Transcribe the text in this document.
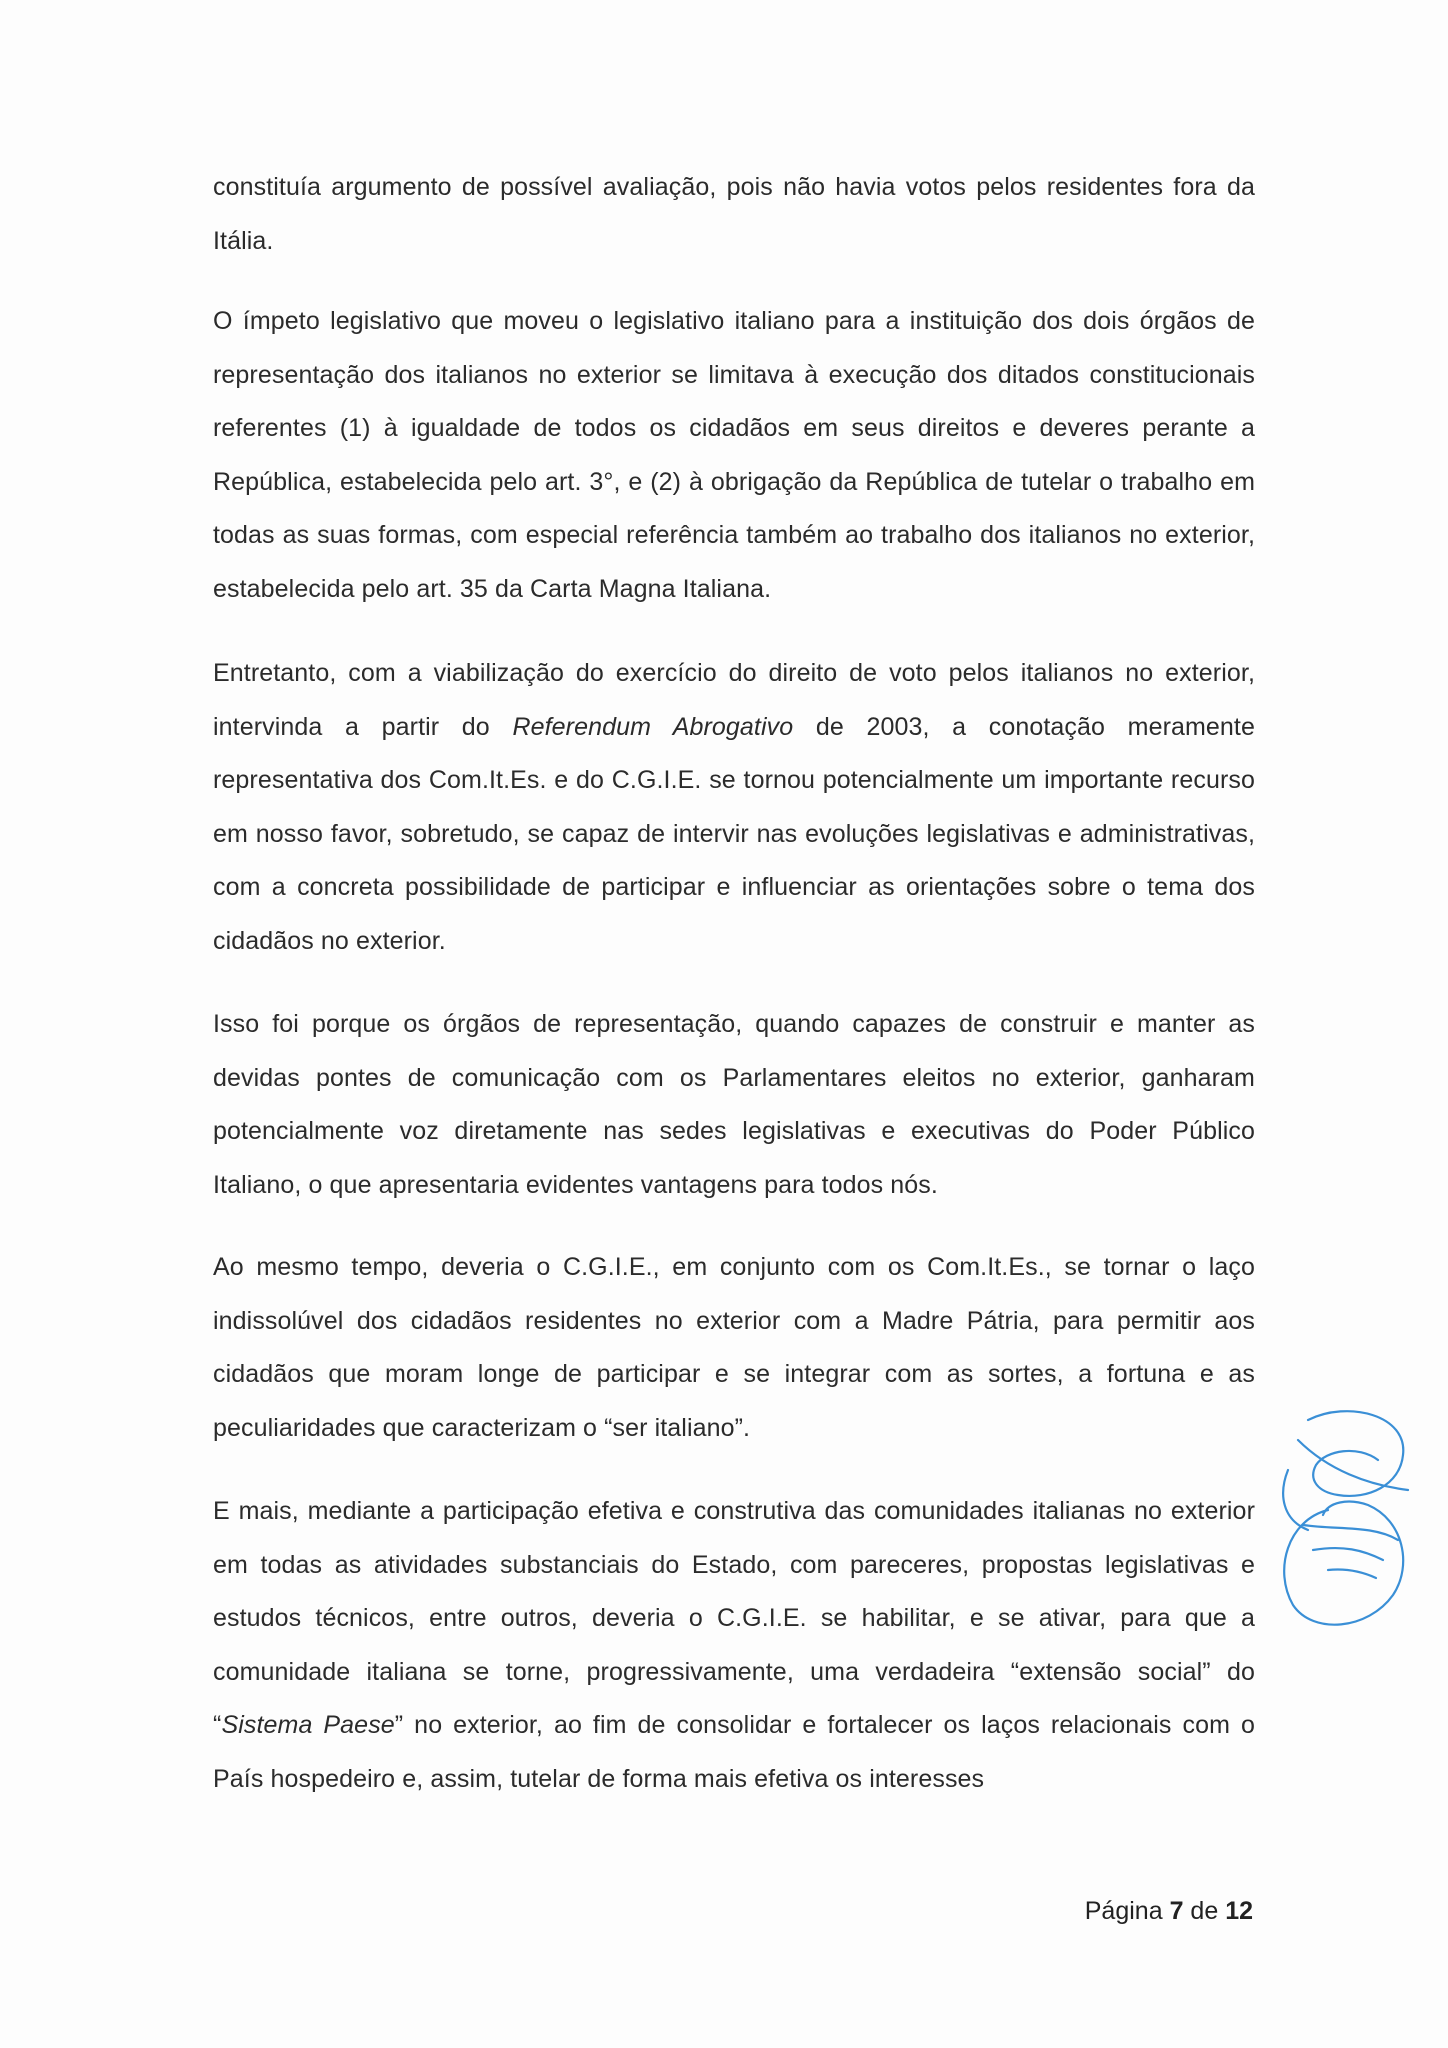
constituía argumento de possível avaliação, pois não havia votos pelos residentes fora da Itália.

O ímpeto legislativo que moveu o legislativo italiano para a instituição dos dois órgãos de representação dos italianos no exterior se limitava à execução dos ditados constitucionais referentes (1) à igualdade de todos os cidadãos em seus direitos e deveres perante a República, estabelecida pelo art. 3°, e (2) à obrigação da República de tutelar o trabalho em todas as suas formas, com especial referência também ao trabalho dos italianos no exterior, estabelecida pelo art. 35 da Carta Magna Italiana.

Entretanto, com a viabilização do exercício do direito de voto pelos italianos no exterior, intervinda a partir do Referendum Abrogativo de 2003, a conotação meramente representativa dos Com.It.Es. e do C.G.I.E. se tornou potencialmente um importante recurso em nosso favor, sobretudo, se capaz de intervir nas evoluções legislativas e administrativas, com a concreta possibilidade de participar e influenciar as orientações sobre o tema dos cidadãos no exterior.

Isso foi porque os órgãos de representação, quando capazes de construir e manter as devidas pontes de comunicação com os Parlamentares eleitos no exterior, ganharam potencialmente voz diretamente nas sedes legislativas e executivas do Poder Público Italiano, o que apresentaria evidentes vantagens para todos nós.

Ao mesmo tempo, deveria o C.G.I.E., em conjunto com os Com.It.Es., se tornar o laço indissolúvel dos cidadãos residentes no exterior com a Madre Pátria, para permitir aos cidadãos que moram longe de participar e se integrar com as sortes, a fortuna e as peculiaridades que caracterizam o “ser italiano”.

E mais, mediante a participação efetiva e construtiva das comunidades italianas no exterior em todas as atividades substanciais do Estado, com pareceres, propostas legislativas e estudos técnicos, entre outros, deveria o C.G.I.E. se habilitar, e se ativar, para que a comunidade italiana se torne, progressivamente, uma verdadeira “extensão social” do “Sistema Paese” no exterior, ao fim de consolidar e fortalecer os laços relacionais com o País hospedeiro e, assim, tutelar de forma mais efetiva os interesses

Página 7 de 12
